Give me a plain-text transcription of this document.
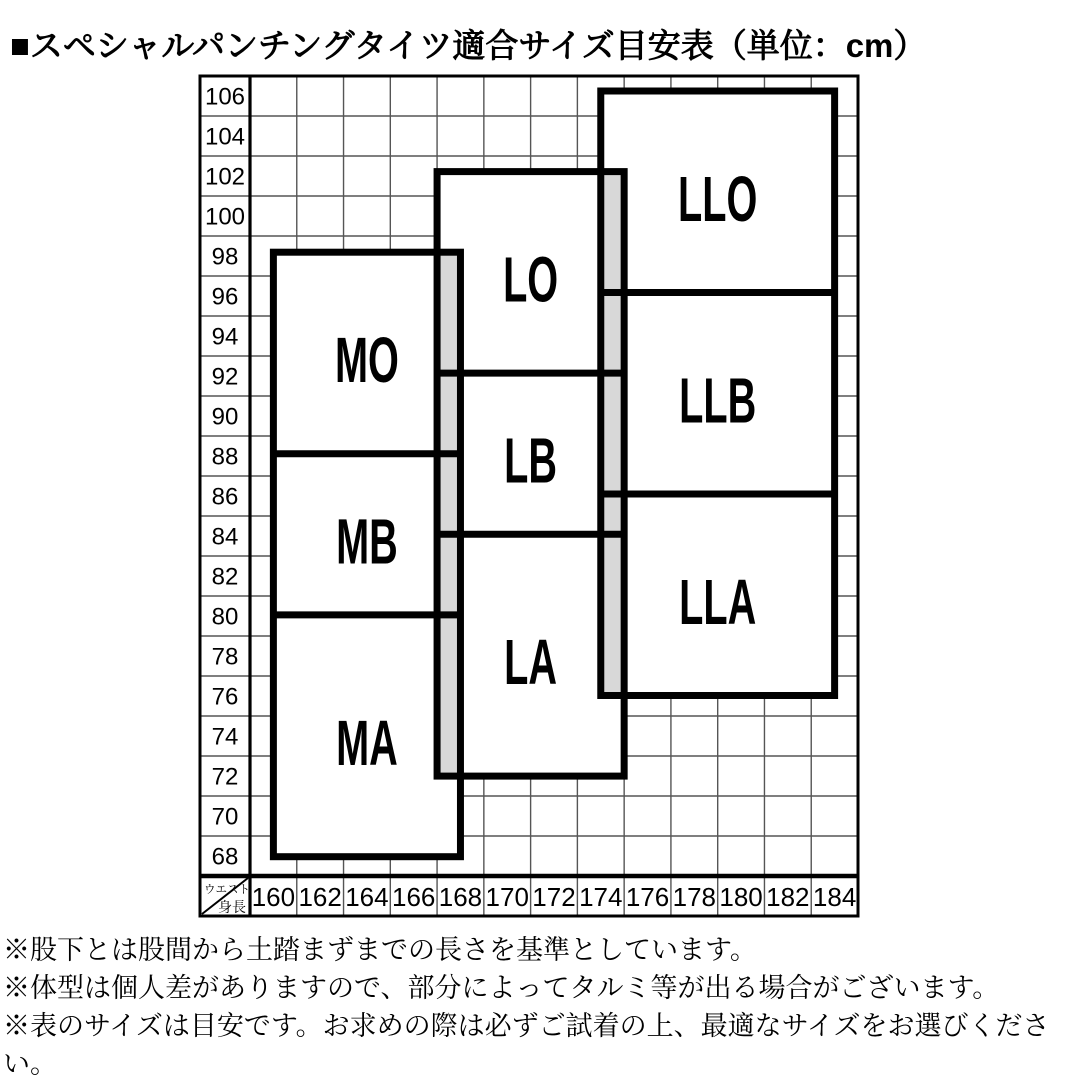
■スペシャルパンチングタイツ適合サイズ目安表（単位：cm）
106
104
102
100
98
96
94
92
90
88
86
84
82
80
78
76
74
72
70
68
160 162 164 166 168 170 172 174 176 178 180 182 184
MO
MB
MA
LO
LB
LA
LLO
LLB
LLA
ウエスト
身長
※股下とは股間から土踏まずまでの長さを基準としています。
※体型は個人差がありますので、部分によってタルミ等が出る場合がございます。
※表のサイズは目安です。お求めの際は必ずご試着の上、最適なサイズをお選びください。
